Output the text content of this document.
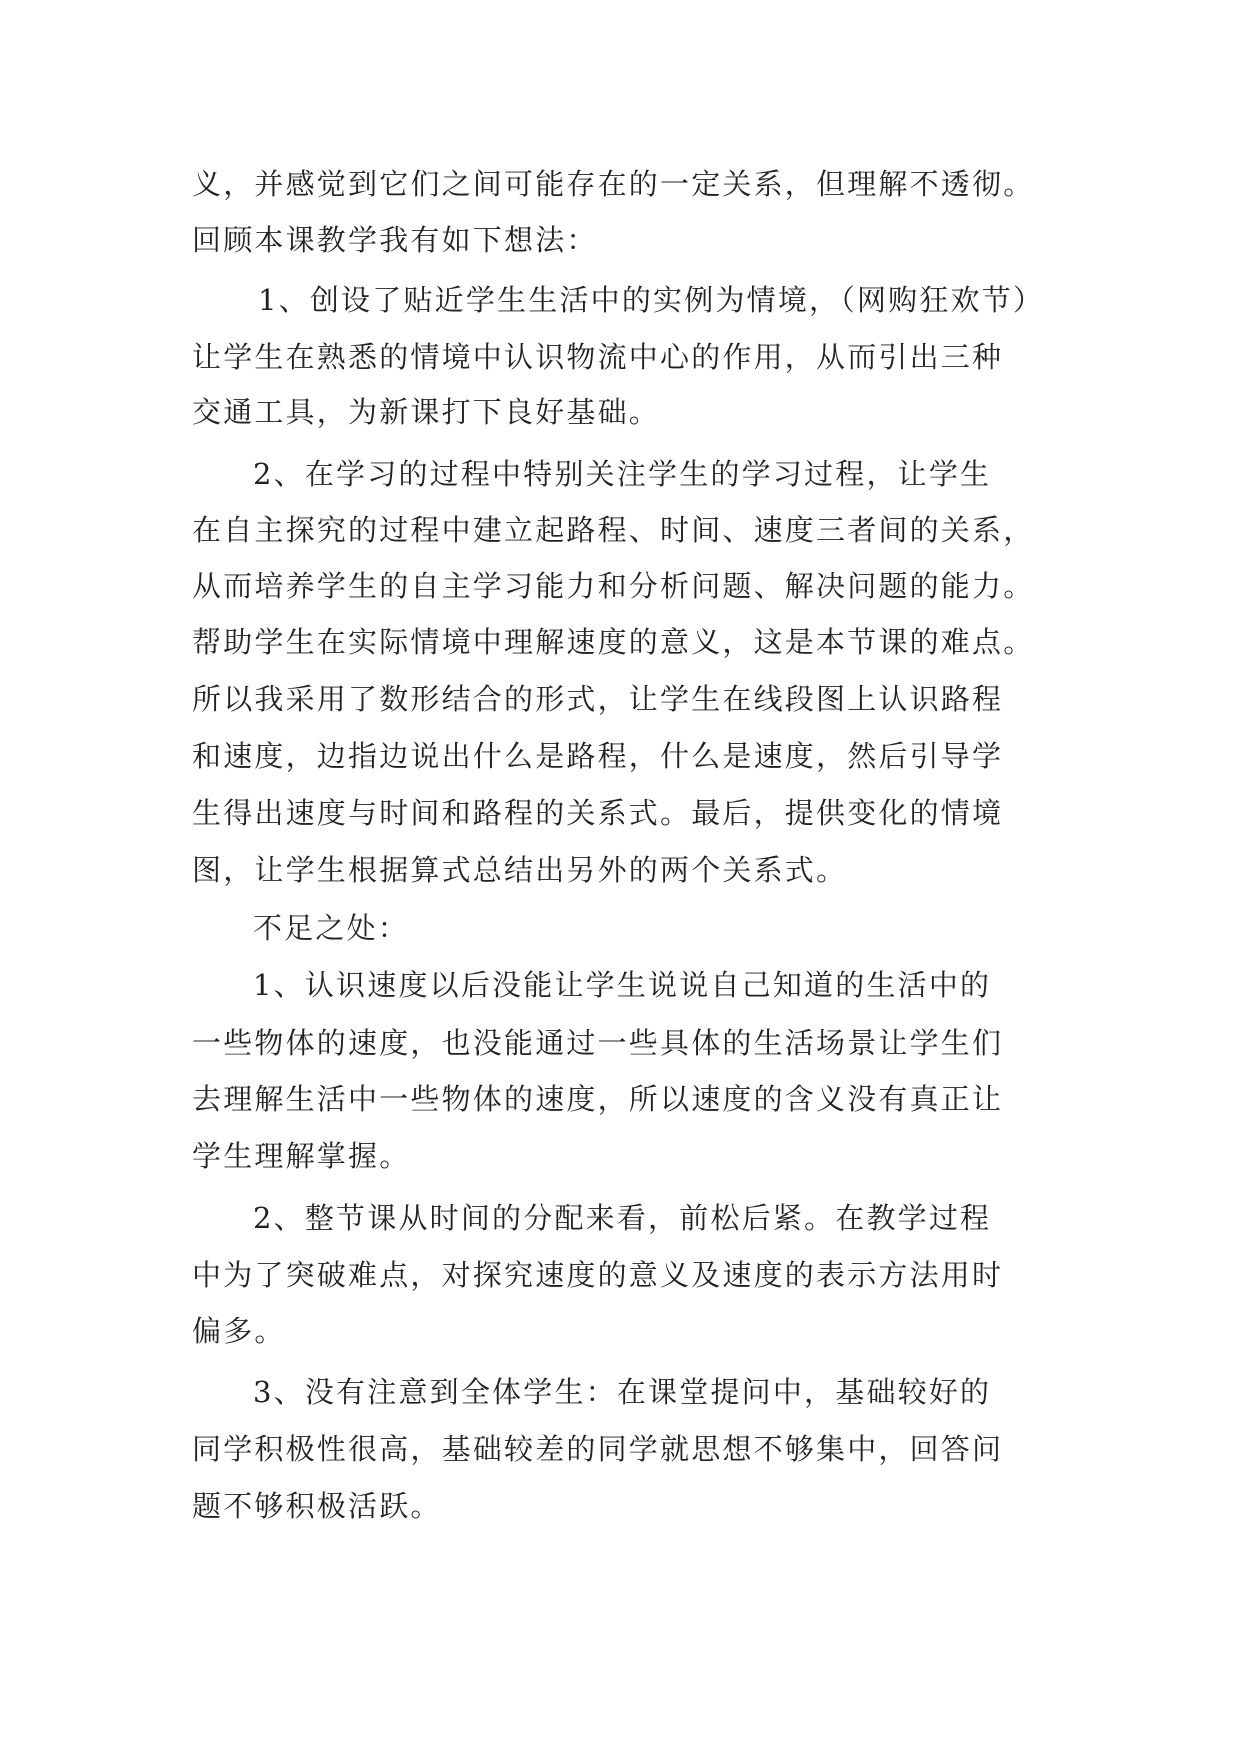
义，并感觉到它们之间可能存在的一定关系，但理解不透彻。
回顾本课教学我有如下想法：
1、创设了贴近学生生活中的实例为情境，（网购狂欢节）
让学生在熟悉的情境中认识物流中心的作用，从而引出三种
交通工具，为新课打下良好基础。
2、在学习的过程中特别关注学生的学习过程，让学生
在自主探究的过程中建立起路程、时间、速度三者间的关系，
从而培养学生的自主学习能力和分析问题、解决问题的能力。
帮助学生在实际情境中理解速度的意义，这是本节课的难点。
所以我采用了数形结合的形式，让学生在线段图上认识路程
和速度，边指边说出什么是路程，什么是速度，然后引导学
生得出速度与时间和路程的关系式。最后，提供变化的情境
图，让学生根据算式总结出另外的两个关系式。
不足之处：
1、认识速度以后没能让学生说说自己知道的生活中的
一些物体的速度，也没能通过一些具体的生活场景让学生们
去理解生活中一些物体的速度，所以速度的含义没有真正让
学生理解掌握。
2、整节课从时间的分配来看，前松后紧。在教学过程
中为了突破难点，对探究速度的意义及速度的表示方法用时
偏多。
3、没有注意到全体学生：在课堂提问中，基础较好的
同学积极性很高，基础较差的同学就思想不够集中，回答问
题不够积极活跃。
